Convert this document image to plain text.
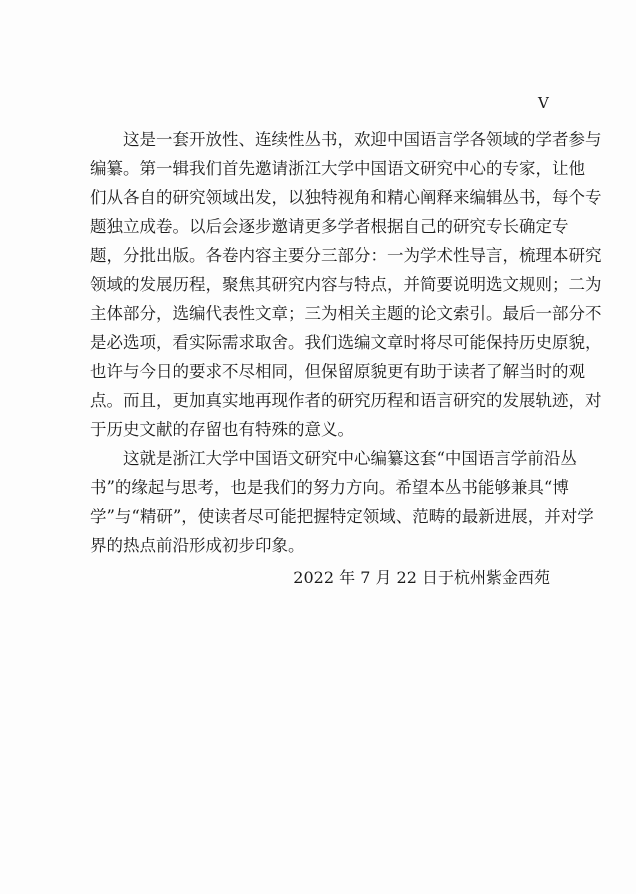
V
这是一套开放性、连续性丛书，欢迎中国语言学各领域的学者参与
编纂。第一辑我们首先邀请浙江大学中国语文研究中心的专家，让他
们从各自的研究领域出发，以独特视角和精心阐释来编辑丛书，每个专
题独立成卷。以后会逐步邀请更多学者根据自己的研究专长确定专
题，分批出版。各卷内容主要分三部分：一为学术性导言，梳理本研究
领域的发展历程，聚焦其研究内容与特点，并简要说明选文规则；二为
主体部分，选编代表性文章；三为相关主题的论文索引。最后一部分不
是必选项，看实际需求取舍。我们选编文章时将尽可能保持历史原貌，
也许与今日的要求不尽相同，但保留原貌更有助于读者了解当时的观
点。而且，更加真实地再现作者的研究历程和语言研究的发展轨迹，对
于历史文献的存留也有特殊的意义。
这就是浙江大学中国语文研究中心编纂这套“中国语言学前沿丛
书”的缘起与思考，也是我们的努力方向。希望本丛书能够兼具“博
学”与“精研”，使读者尽可能把握特定领域、范畴的最新进展，并对学
界的热点前沿形成初步印象。
2022 年 7 月 22 日于杭州紫金西苑
